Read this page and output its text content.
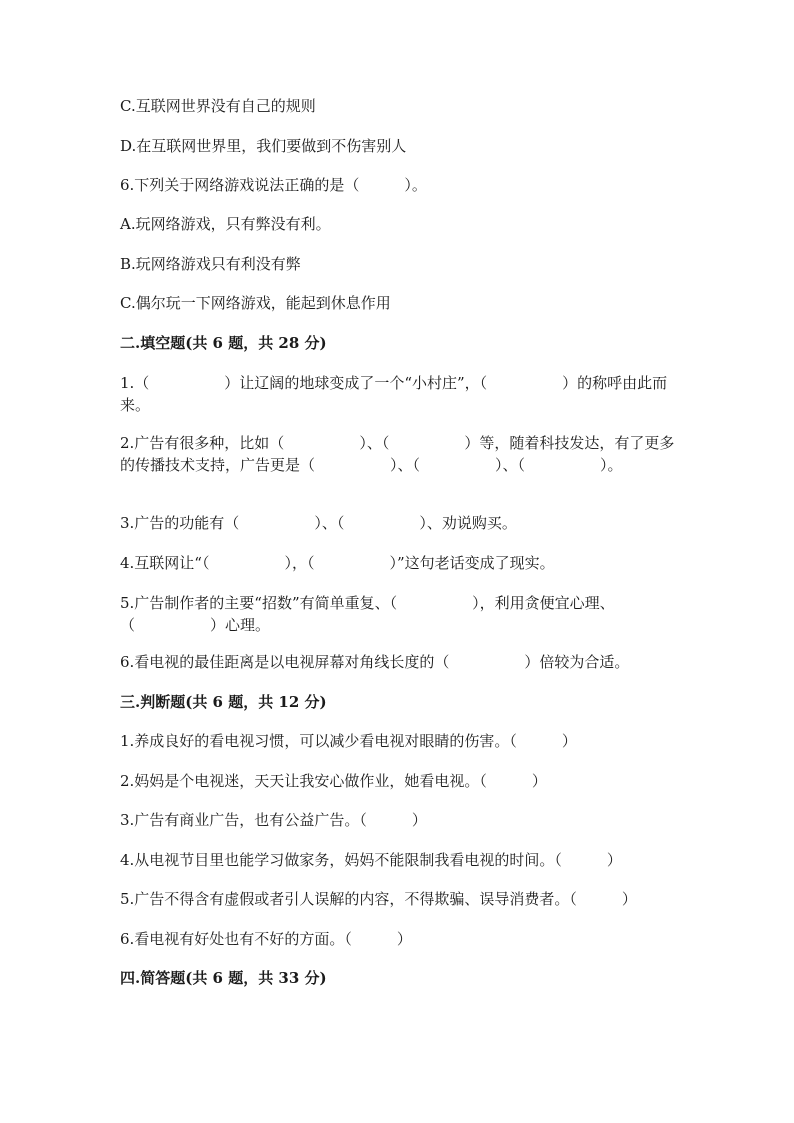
C.互联网世界没有自己的规则
D.在互联网世界里，我们要做到不伤害别人
6.下列关于网络游戏说法正确的是（　　　）。
A.玩网络游戏，只有弊没有利。
B.玩网络游戏只有利没有弊
C.偶尔玩一下网络游戏，能起到休息作用
二.填空题(共 6 题，共 28 分)
1.（　　　　　）让辽阔的地球变成了一个“小村庄”，（　　　　　）的称呼由此而来。
2.广告有很多种，比如（　　　　　）、（　　　　　）等，随着科技发达，有了更多的传播技术支持，广告更是（　　　　　）、（　　　　　）、（　　　　　）。
3.广告的功能有（　　　　　）、（　　　　　）、劝说购买。
4.互联网让“（　　　　　），（　　　　　）”这句老话变成了现实。
5.广告制作者的主要“招数”有简单重复、（　　　　　），利用贪便宜心理、（　　　　　）心理。
6.看电视的最佳距离是以电视屏幕对角线长度的（　　　　　）倍较为合适。
三.判断题(共 6 题，共 12 分)
1.养成良好的看电视习惯，可以减少看电视对眼睛的伤害。（　　　）
2.妈妈是个电视迷，天天让我安心做作业，她看电视。（　　　）
3.广告有商业广告，也有公益广告。（　　　）
4.从电视节目里也能学习做家务，妈妈不能限制我看电视的时间。（　　　）
5.广告不得含有虚假或者引人误解的内容，不得欺骗、误导消费者。（　　　）
6.看电视有好处也有不好的方面。（　　　）
四.简答题(共 6 题，共 33 分)
